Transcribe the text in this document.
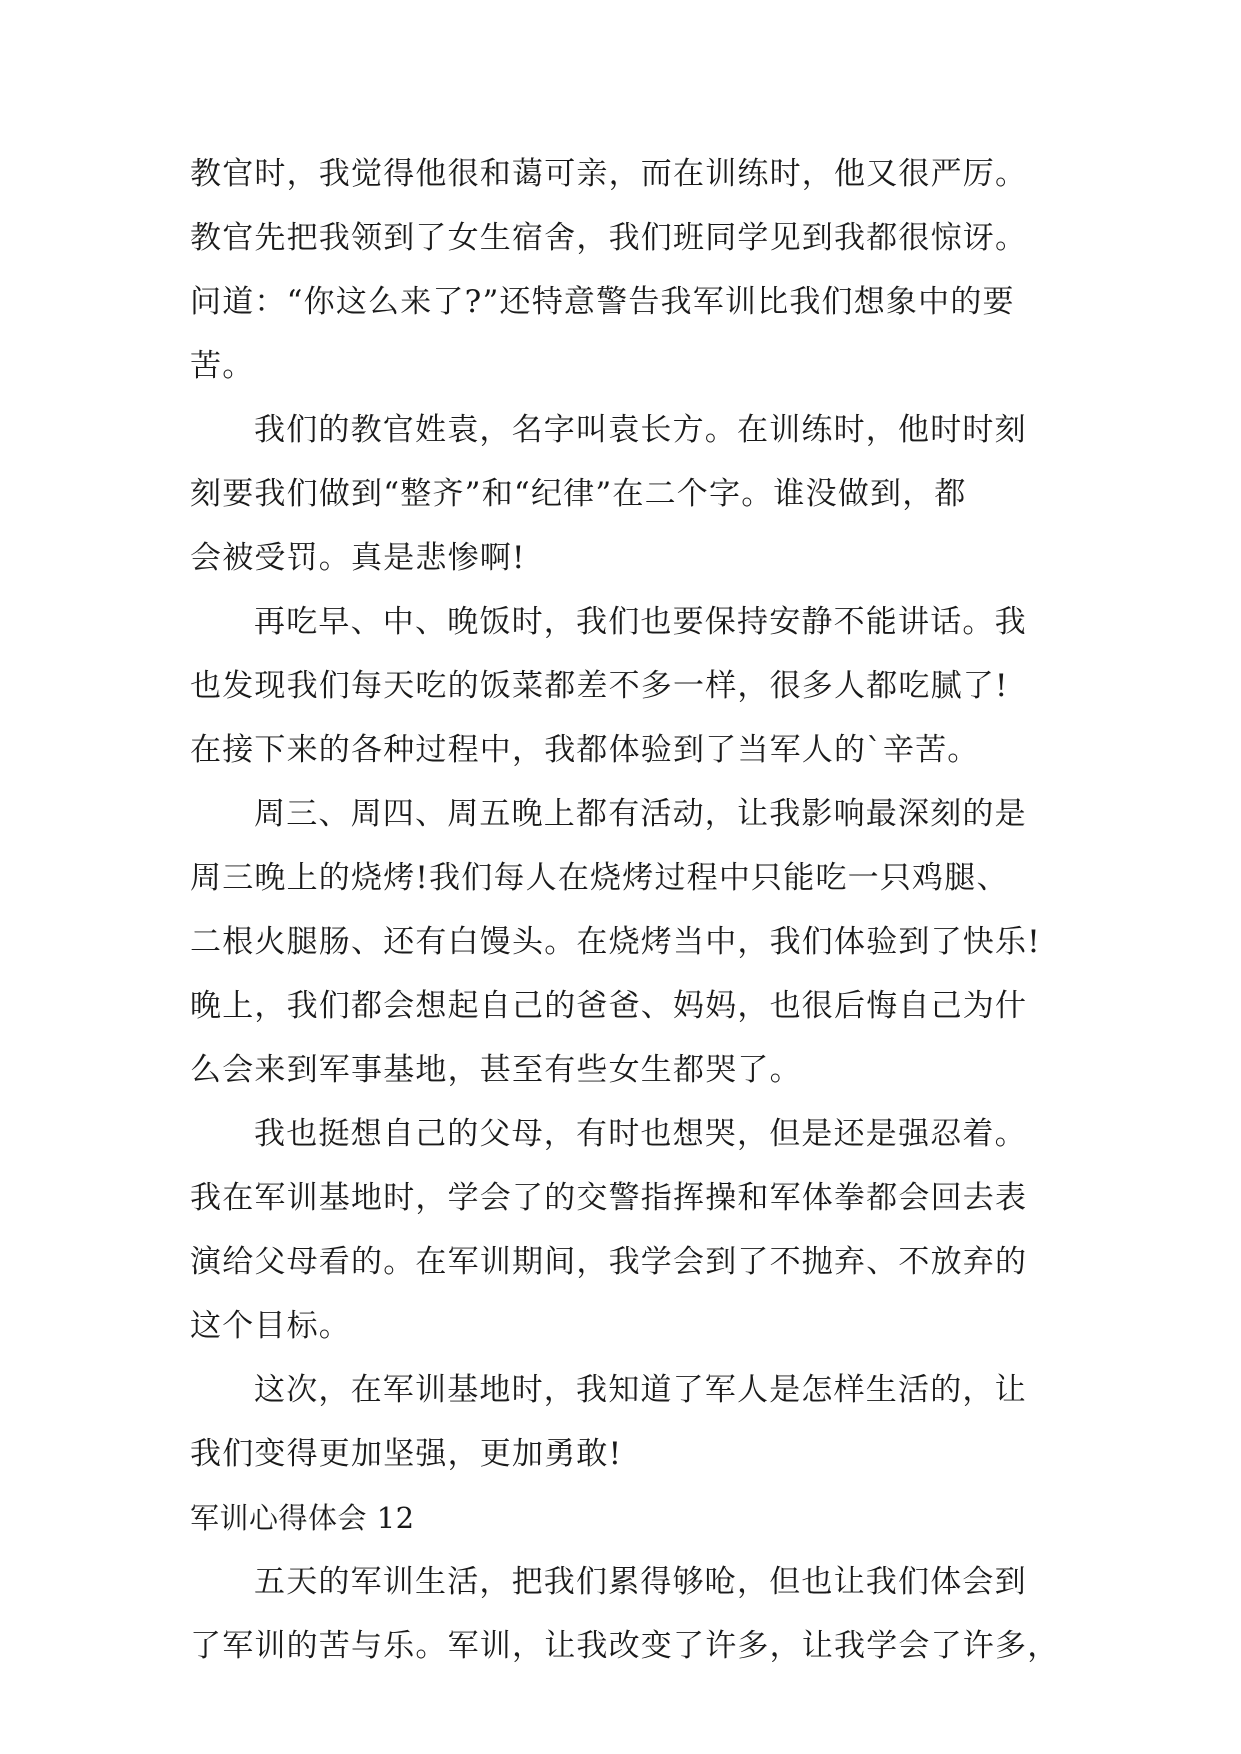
教官时，我觉得他很和蔼可亲，而在训练时，他又很严厉。
教官先把我领到了女生宿舍，我们班同学见到我都很惊讶。
问道：“你这么来了?”还特意警告我军训比我们想象中的要
苦。
我们的教官姓袁，名字叫袁长方。在训练时，他时时刻
刻要我们做到“整齐”和“纪律”在二个字。谁没做到，都
会被受罚。真是悲惨啊!
再吃早、中、晚饭时，我们也要保持安静不能讲话。我
也发现我们每天吃的饭菜都差不多一样，很多人都吃腻了!
在接下来的各种过程中，我都体验到了当军人的`辛苦。
周三、周四、周五晚上都有活动，让我影响最深刻的是
周三晚上的烧烤!我们每人在烧烤过程中只能吃一只鸡腿、
二根火腿肠、还有白馒头。在烧烤当中，我们体验到了快乐!
晚上，我们都会想起自己的爸爸、妈妈，也很后悔自己为什
么会来到军事基地，甚至有些女生都哭了。
我也挺想自己的父母，有时也想哭，但是还是强忍着。
我在军训基地时，学会了的交警指挥操和军体拳都会回去表
演给父母看的。在军训期间，我学会到了不抛弃、不放弃的
这个目标。
这次，在军训基地时，我知道了军人是怎样生活的，让
我们变得更加坚强，更加勇敢!
军训心得体会 12
五天的军训生活，把我们累得够呛，但也让我们体会到
了军训的苦与乐。军训，让我改变了许多，让我学会了许多，
